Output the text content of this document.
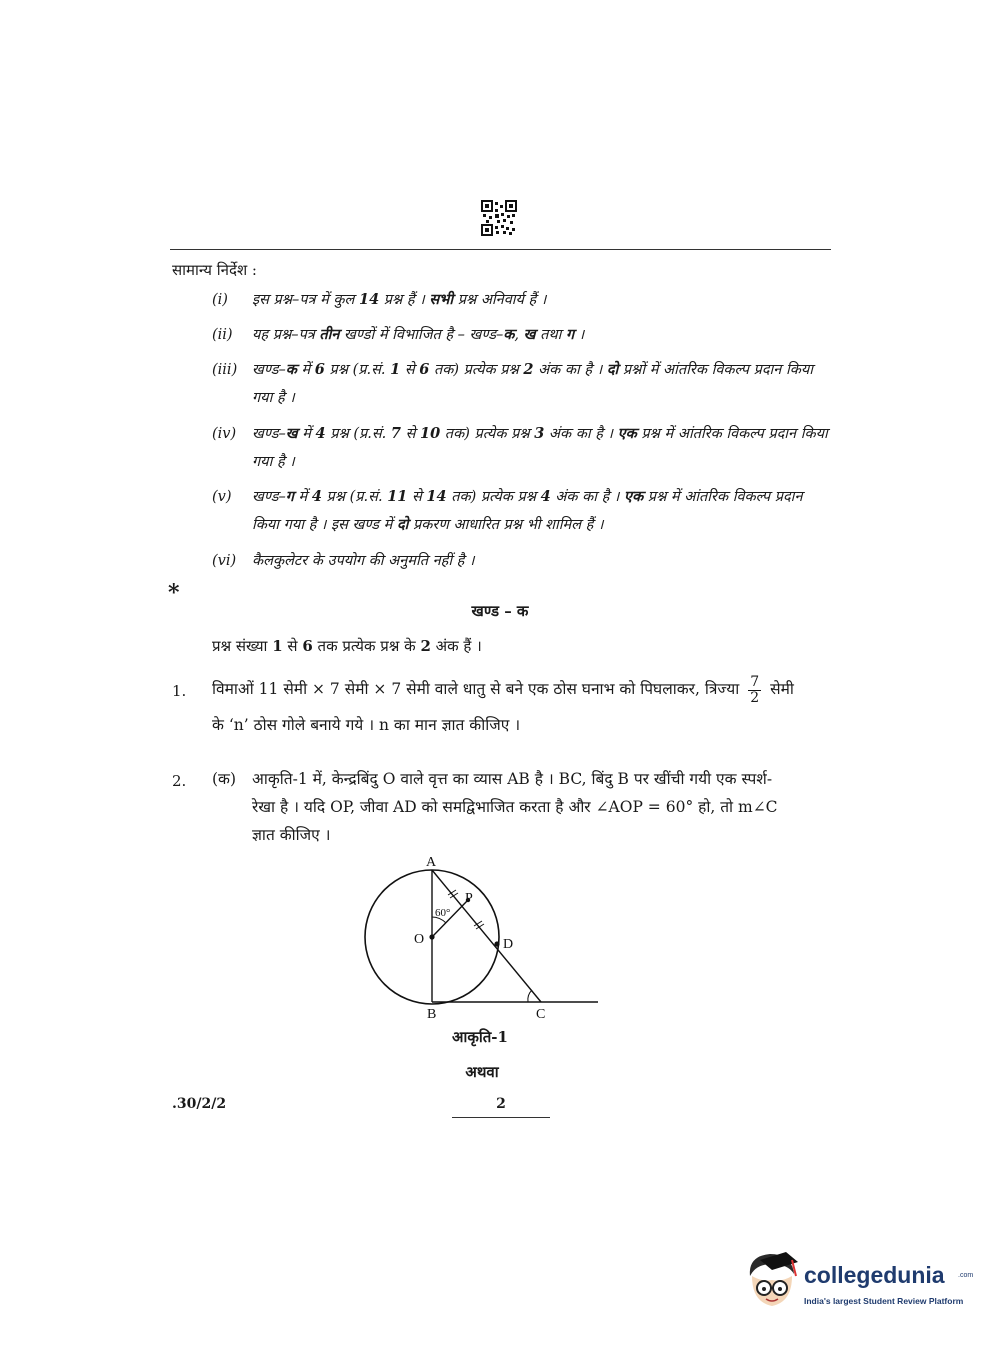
सामान्य निर्देश :
(i)	इस प्रश्न–पत्र में कुल 14 प्रश्न हैं । सभी प्रश्न अनिवार्य हैं ।
(ii)	यह प्रश्न–पत्र तीन खण्डों में विभाजित है – खण्ड–क, ख तथा ग ।
(iii)	खण्ड–क में 6 प्रश्न (प्र.सं. 1 से 6 तक) प्रत्येक प्रश्न 2 अंक का है । दो प्रश्नों में आंतरिक विकल्प प्रदान किया गया है ।
(iv)	खण्ड–ख में 4 प्रश्न (प्र.सं. 7 से 10 तक) प्रत्येक प्रश्न 3 अंक का है । एक प्रश्न में आंतरिक विकल्प प्रदान किया गया है ।
(v)	खण्ड–ग में 4 प्रश्न (प्र.सं. 11 से 14 तक) प्रत्येक प्रश्न 4 अंक का है । एक प्रश्न में आंतरिक विकल्प प्रदान किया गया है । इस खण्ड में दो प्रकरण आधारित प्रश्न भी शामिल हैं ।
(vi)	कैलकुलेटर के उपयोग की अनुमति नहीं है ।
*
खण्ड – क
प्रश्न संख्या 1 से 6 तक प्रत्येक प्रश्न के 2 अंक हैं ।
1. विमाओं 11 सेमी × 7 सेमी × 7 सेमी वाले धातु से बने एक ठोस घनाभ को पिघलाकर, त्रिज्या $\frac{7}{2}$ सेमी
के ‘n’ ठोस गोले बनाये गये । n का मान ज्ञात कीजिए ।
2. (क) आकृति-1 में, केन्द्रबिंदु O वाले वृत्त का व्यास AB है । BC, बिंदु B पर खींची गयी एक स्पर्श-
रेखा है । यदि OP, जीवा AD को समद्विभाजित करता है और ∠AOP = 60° हो, तो m∠C
ज्ञात कीजिए ।
A
P
60°
O	D
B	C
आकृति-1
अथवा
.30/2/2	2
collegedunia .com
India's largest Student Review Platform
